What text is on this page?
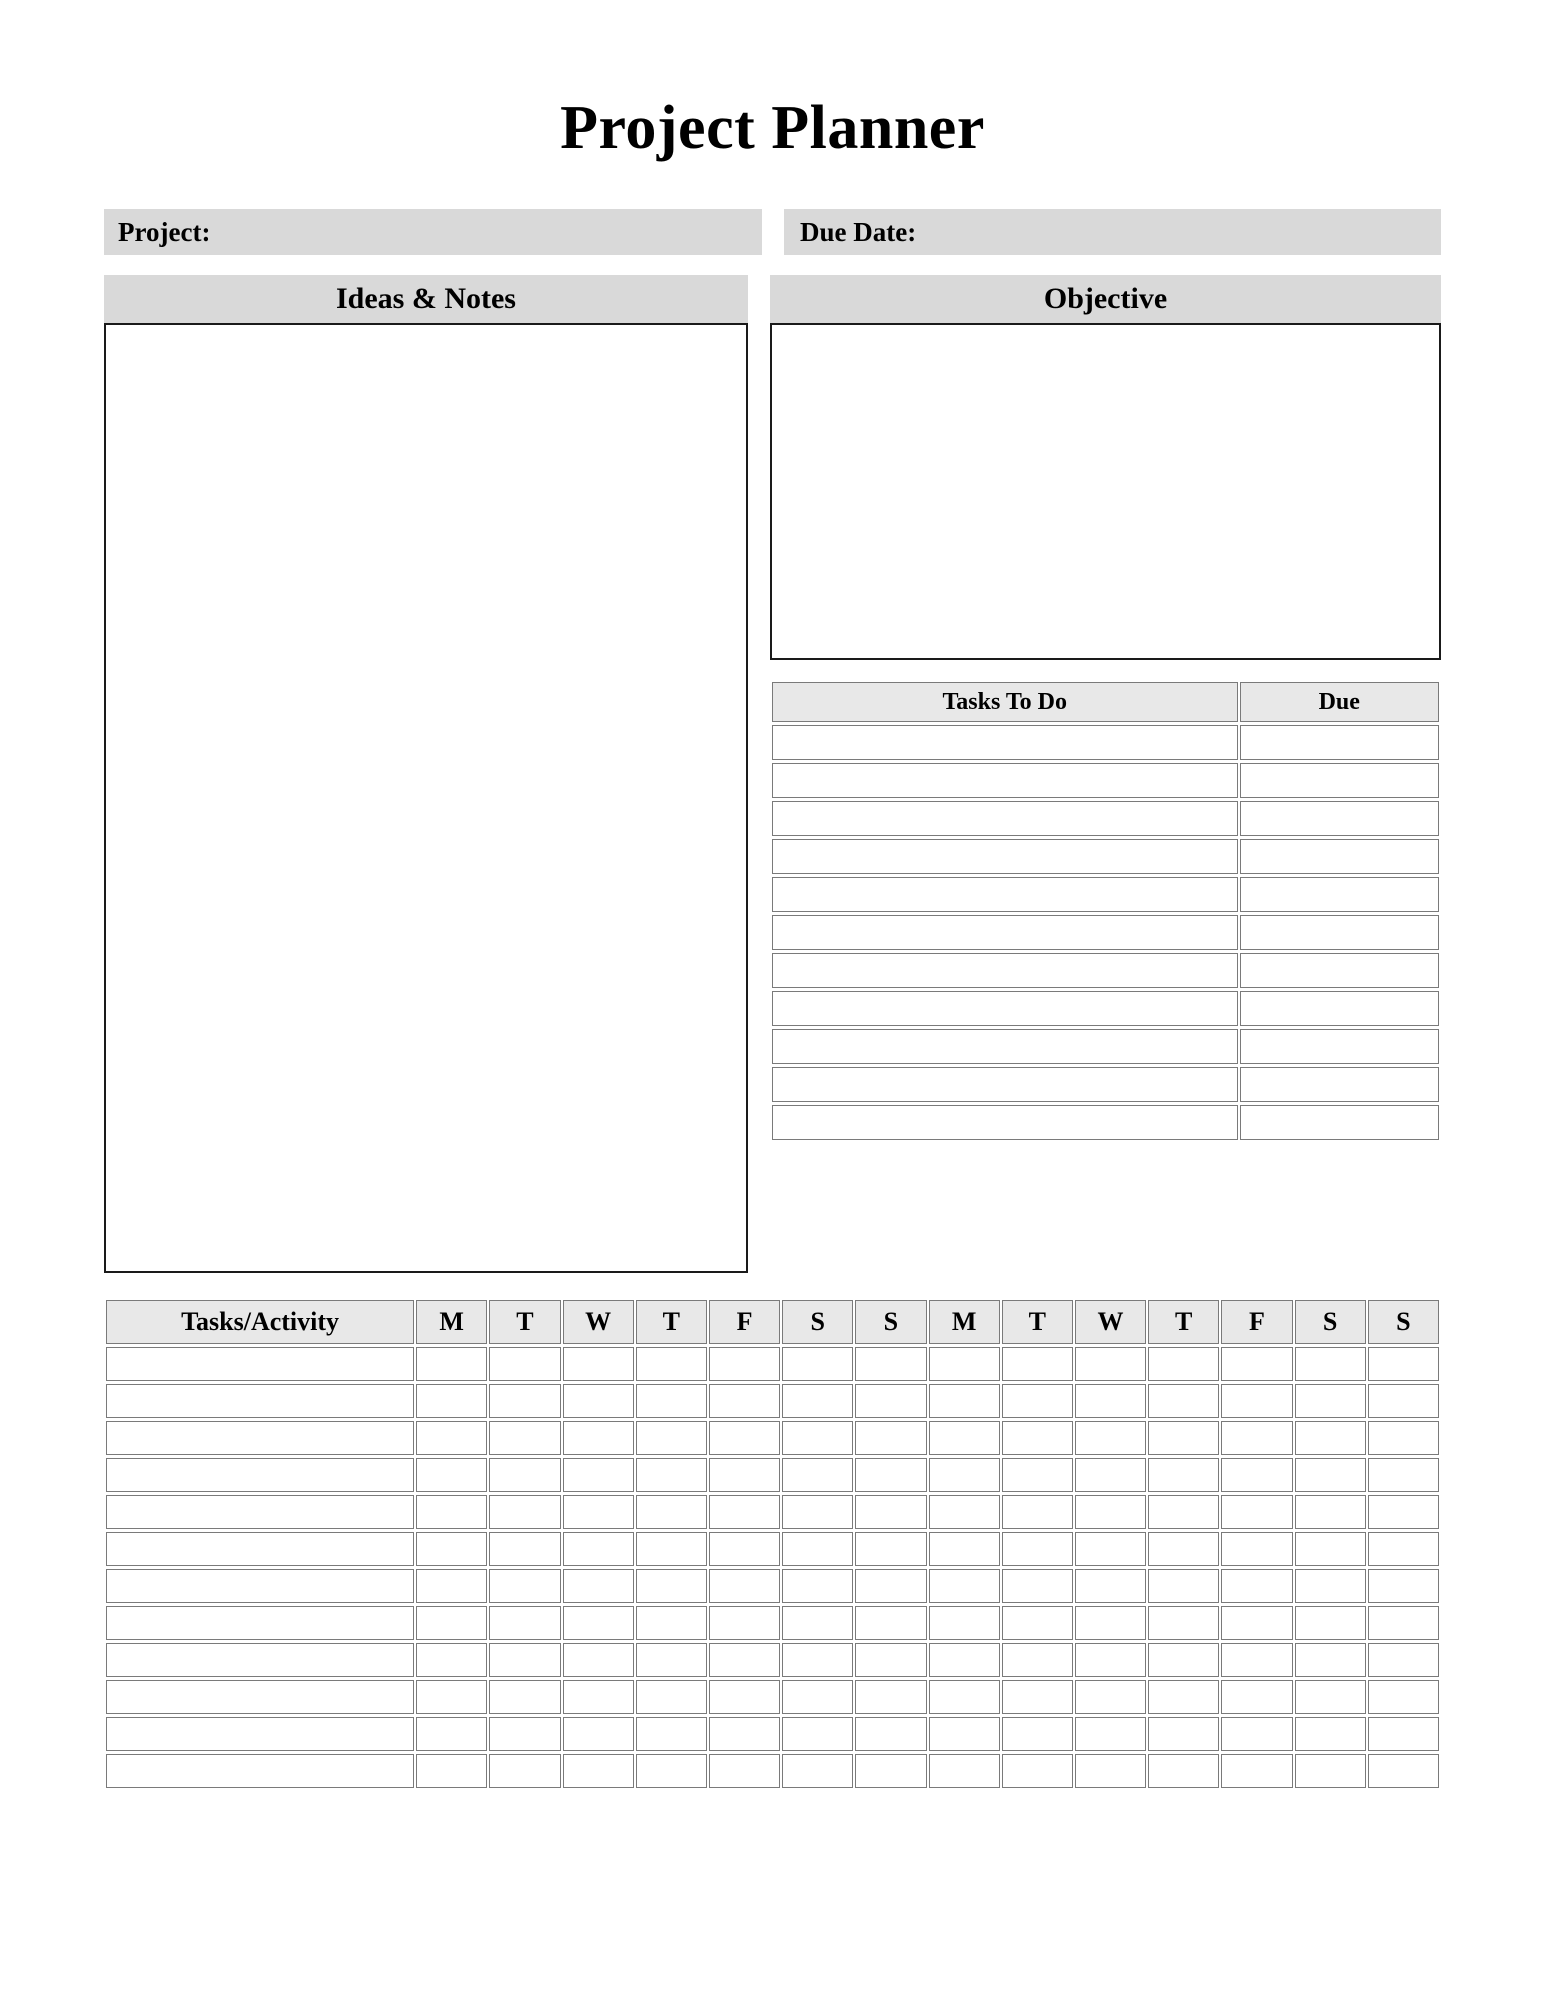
Project Planner
Project:	Due Date:
Ideas & Notes	Objective
Tasks To Do	Due

Tasks/Activity	M	T	W	T	F	S	S	M	T	W	T	F	S	S
